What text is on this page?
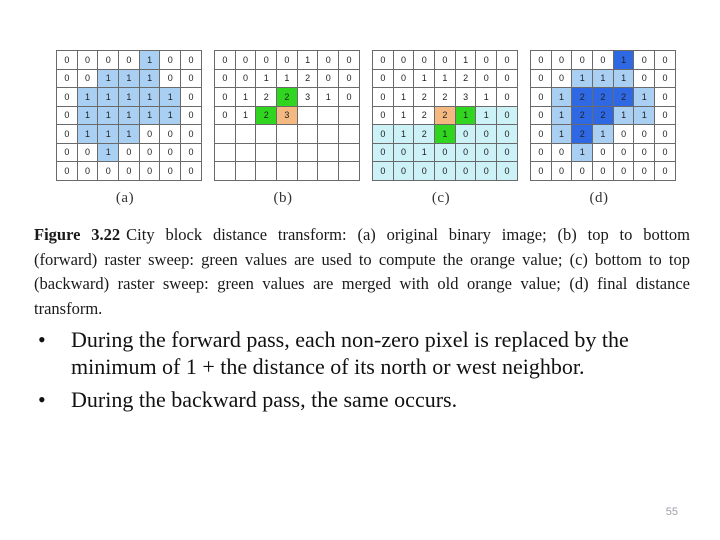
0	0	0	0	1	0	0
0	0	1	1	1	0	0
0	1	1	1	1	1	0
0	1	1	1	1	1	0
0	1	1	1	0	0	0
0	0	1	0	0	0	0
0	0	0	0	0	0	0
(a)
0	0	0	0	1	0	0
0	0	1	1	2	0	0
0	1	2	2	3	1	0
0	1	2	3			

(b)
0	0	0	0	1	0	0
0	0	1	1	2	0	0
0	1	2	2	3	1	0
0	1	2	2	1	1	0
0	1	2	1	0	0	0
0	0	1	0	0	0	0
0	0	0	0	0	0	0
(c)
0	0	0	0	1	0	0
0	0	1	1	1	0	0
0	1	2	2	2	1	0
0	1	2	2	1	1	0
0	1	2	1	0	0	0
0	0	1	0	0	0	0
0	0	0	0	0	0	0
(d)
Figure 3.22 City block distance transform: (a) original binary image; (b) top to bottom
(forward) raster sweep: green values are used to compute the orange value; (c) bottom to top
(backward) raster sweep: green values are merged with old orange value; (d) final distance
transform.
• During the forward pass, each non-zero pixel is replaced by the minimum of 1 + the distance of its north or west neighbor.
• During the backward pass, the same occurs.
55
